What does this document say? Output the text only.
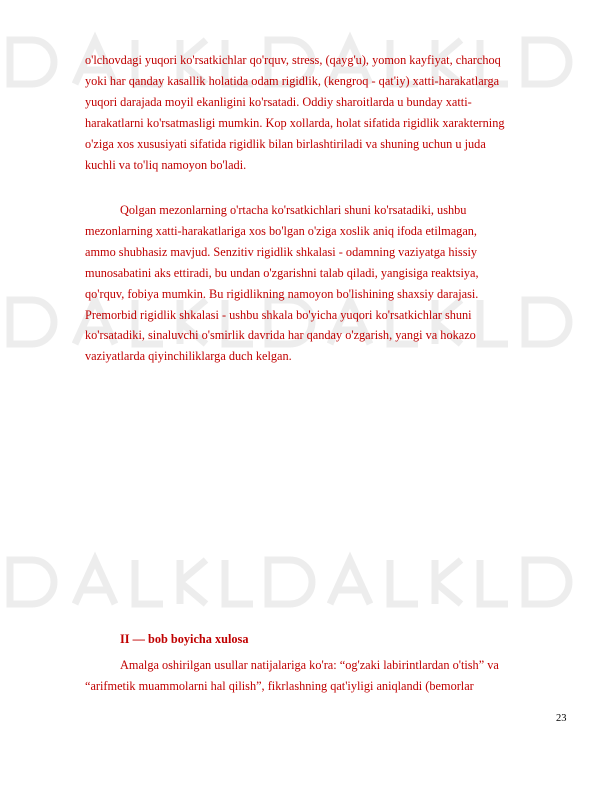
o'lchovdagi yuqori ko'rsatkichlar qo'rquv, stress, (qayg'u), yomon kayfiyat, charchoq
yoki har qanday kasallik holatida odam rigidlik, (kengroq - qat'iy) xatti-harakatlarga
yuqori darajada moyil ekanligini ko'rsatadi. Oddiy sharoitlarda u bunday xatti-
harakatlarni ko'rsatmasligi mumkin. Kop xollarda, holat sifatida rigidlik xarakterning
o'ziga xos xususiyati sifatida rigidlik bilan birlashtiriladi va shuning uchun u juda
kuchli va to'liq namoyon bo'ladi.
Qolgan mezonlarning o'rtacha ko'rsatkichlari shuni ko'rsatadiki, ushbu
mezonlarning xatti-harakatlariga xos bo'lgan o'ziga xoslik aniq ifoda etilmagan,
ammo shubhasiz mavjud. Senzitiv rigidlik shkalasi - odamning vaziyatga hissiy
munosabatini aks ettiradi, bu undan o'zgarishni talab qiladi, yangisiga reaktsiya,
qo'rquv, fobiya mumkin. Bu rigidlikning namoyon bo'lishining shaxsiy darajasi.
Premorbid rigidlik shkalasi - ushbu shkala bo'yicha yuqori ko'rsatkichlar shuni
ko'rsatadiki, sinaluvchi o'smirlik davrida har qanday o'zgarish, yangi va hokazo
vaziyatlarda qiyinchiliklarga duch kelgan.
II — bob boyicha xulosa
Amalga oshirilgan usullar natijalariga ko'ra: “og'zaki labirintlardan o'tish” va
“arifmetik muammolarni hal qilish”, fikrlashning qat'iyligi aniqlandi (bemorlar
23
